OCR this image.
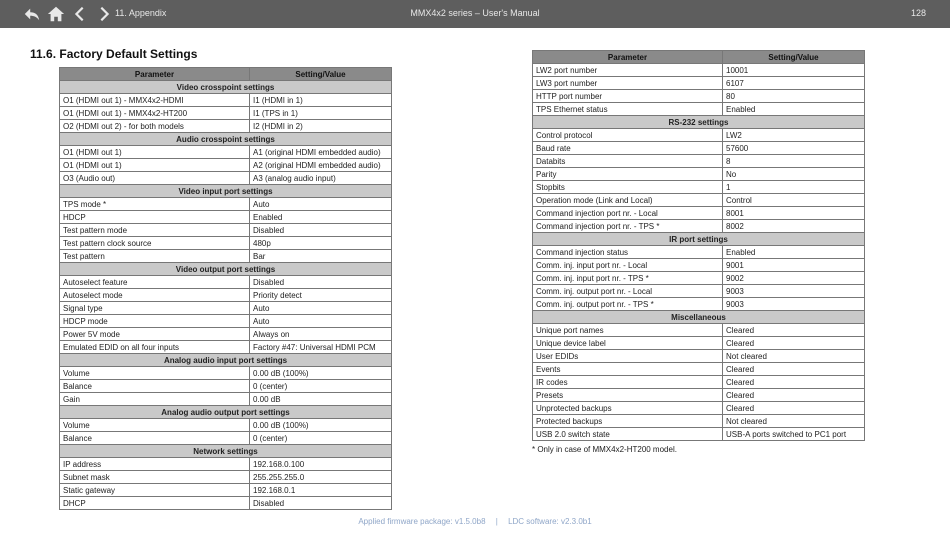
11. Appendix	MMX4x2 series – User's Manual	128
11.6. Factory Default Settings
Parameter	Setting/Value
Video crosspoint settings	
O1 (HDMI out 1) - MMX4x2-HDMI	I1 (HDMI in 1)
O1 (HDMI out 1) - MMX4x2-HT200	I1 (TPS in 1)
O2 (HDMI out 2) - for both models	I2 (HDMI in 2)
Audio crosspoint settings	
O1 (HDMI out 1)	A1 (original HDMI embedded audio)
O1 (HDMI out 1)	A2 (original HDMI embedded audio)
O3 (Audio out)	A3 (analog audio input)
Video input port settings	
TPS mode *	Auto
HDCP	Enabled
Test pattern mode	Disabled
Test pattern clock source	480p
Test pattern	Bar
Video output port settings	
Autoselect feature	Disabled
Autoselect mode	Priority detect
Signal type	Auto
HDCP mode	Auto
Power 5V mode	Always on
Emulated EDID on all four inputs	Factory #47: Universal HDMI PCM
Analog audio input port settings	
Volume	0.00 dB (100%)
Balance	0 (center)
Gain	0.00 dB
Analog audio output port settings	
Volume	0.00 dB (100%)
Balance	0 (center)
Network settings	
IP address	192.168.0.100
Subnet mask	255.255.255.0
Static gateway	192.168.0.1
DHCP	Disabled
Parameter	Setting/Value
LW2 port number	10001
LW3 port number	6107
HTTP port number	80
TPS Ethernet status	Enabled
RS-232 settings	
Control protocol	LW2
Baud rate	57600
Databits	8
Parity	No
Stopbits	1
Operation mode (Link and Local)	Control
Command injection port nr. - Local	8001
Command injection port nr. - TPS *	8002
IR port settings	
Command injection status	Enabled
Comm. inj. input port nr. - Local	9001
Comm. inj. input port nr. - TPS *	9002
Comm. inj. output port nr. - Local	9003
Comm. inj. output port nr. - TPS *	9003
Miscellaneous	
Unique port names	Cleared
Unique device label	Cleared
User EDIDs	Not cleared
Events	Cleared
IR codes	Cleared
Presets	Cleared
Unprotected backups	Cleared
Protected backups	Not cleared
USB 2.0 switch state	USB-A ports switched to PC1 port
* Only in case of MMX4x2-HT200 model.
Applied firmware package: v1.5.0b8 | LDC software: v2.3.0b1
